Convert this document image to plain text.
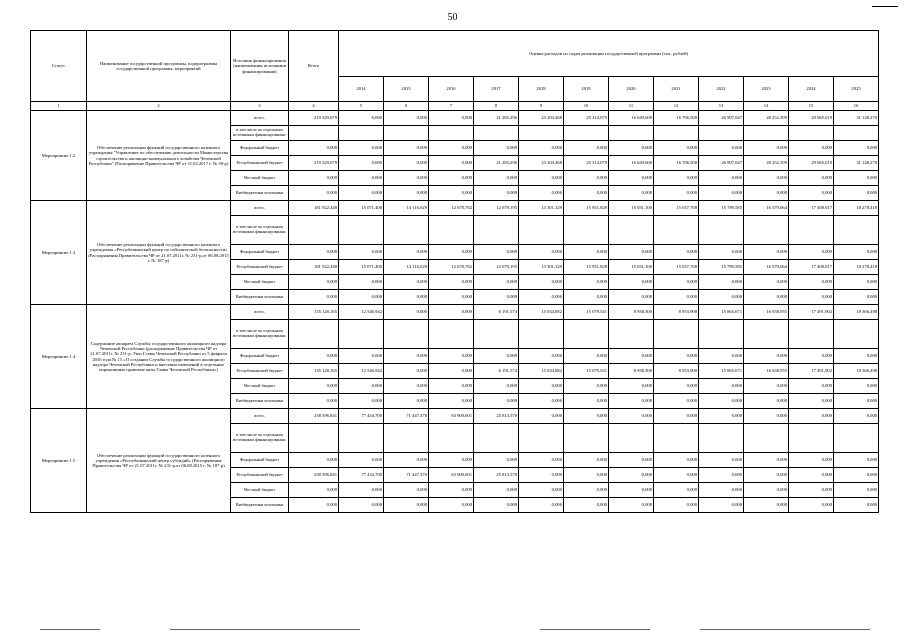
50
Статус	Наименование государственной программы, подпрограммы государственной программы, мероприятий	Источник финансирования (наименования источников финансирования)	Всего	Оценка расходов по годам реализации государственной программы (тыс. рублей)											
				2014	2015	2016	2017	2018	2019	2020	2021	2022	2023	2024	2025
1	2	3	4	5	6	7	8	9	10	11	12	13	14	15	16
Мероприятие 1.2	Обеспечение реализации функций государственного казенного учреждения "Управление по обеспечению деятельности Министерства строительства и жилищно-коммунального хозяйства Чеченской Республики" (Распоряжение Правительства ЧР от 31.02.2017 г. № 39-р)	всего,	219 329,679	0,000	0,000	0,000	21 283,296	23 203,468	25 314,079	16 649,600	16 706,500	26 907,047	28 252,399	29 665,019	31 148,270
		в том числе по отдельным источникам финансирования:													
		Федеральный бюджет	0,000	0,000	0,000	0,000	0,000	0,000	0,000	0,000	0,000	0,000	0,000	0,000	0,000
		Республиканский бюджет	219 329,679	0,000	0,000	0,000	21 283,296	23 203,468	25 314,079	16 649,600	16 706,500	26 907,047	28 252,399	29 665,019	31 148,270
		Местный бюджет	0,000	0,000	0,000	0,000	0,000	0,000	0,000	0,000	0,000	0,000	0,000	0,000	0,000
		Внебюджетные источники	0,000	0,000	0,000	0,000	0,000	0,000	0,000	0,000	0,000	0,000	0,000	0,000	0,000
Мероприятие 1.3	Обеспечение реализации функций государственного казенного учреждения «Республиканский центр по сейсмической безопасности» (Распоряжения Правительства ЧР от 21.07.2011г. № 231-р,от 06.08.2015 г. № 187-р)	всего,	181 922,448	15 071,400	14 116,029	12 678,782	12 679,195	13 301,329	15 951,828	15 031,100	15 037,700	15 789,585	16 579,064	17 408,017	18 278,418
		в том числе по отдельным источникам финансирования:													
		Федеральный бюджет	0,000	0,000	0,000	0,000	0,000	0,000	0,000	0,000	0,000	0,000	0,000	0,000	0,000
		Республиканский бюджет	181 922,448	15 071,400	14 116,029	12 678,782	12 679,195	13 301,329	15 951,828	15 031,100	15 037,700	15 789,585	16 579,064	17 408,017	18 278,418
		Местный бюджет	0,000	0,000	0,000	0,000	0,000	0,000	0,000	0,000	0,000	0,000	0,000	0,000	0,000
		Внебюджетные источники	0,000	0,000	0,000	0,000	0,000	0,000	0,000	0,000	0,000	0,000	0,000	0,000	0,000
Мероприятие 1.4	Содержание аппарата Службы государственного жилищного надзора Чеченской Республики (распоряжение Правительства ЧР от 21.07.2011г. № 231-р, Указ Главы Чеченской Республики от 5 февраля 2016 года № 15 «О создании Службы государственного жилищного надзора Чеченской Республики и внесении изменений в отдельные нормативные правовые акты Главы Чеченской Республики»)	всего,	135 128,165	12 546,942	0,000	0,000	6 191,574	15 034,882	15 079,541	8 938,300	8 953,900	15 865,671	16 658,955	17 491,902	18 366,498
		в том числе по отдельным источникам финансирования:													
		Федеральный бюджет	0,000	0,000	0,000	0,000	0,000	0,000	0,000	0,000	0,000	0,000	0,000	0,000	0,000
		Республиканский бюджет	135 128,165	12 546,942	0,000	0,000	6 191,574	15 034,882	15 079,541	8 938,300	8 953,900	15 865,671	16 658,955	17 491,902	18 366,498
		Местный бюджет	0,000	0,000	0,000	0,000	0,000	0,000	0,000	0,000	0,000	0,000	0,000	0,000	0,000
		Внебюджетные источники	0,000	0,000	0,000	0,000	0,000	0,000	0,000	0,000	0,000	0,000	0,000	0,000	0,000
Мероприятие 1.5	Обеспечение реализации функций государственного казенного учреждения «Республиканский центр субсидий» (Распоряжения Правительства ЧР от 21.07.2011г. № 231-р,от 06.08.2015 г. № 187-р)	всего,	238 596,841	77 434,700	71 447,370	63 900,601	25 813,570	0,000	0,000	0,000	0,000	0,000	0,000	0,000	0,000
		в том числе по отдельным источникам финансирования:													
		Федеральный бюджет	0,000	0,000	0,000	0,000	0,000	0,000	0,000	0,000	0,000	0,000	0,000	0,000	0,000
		Республиканский бюджет	238 596,841	77 434,700	71 447,370	63 900,601	25 813,570	0,000	0,000	0,000	0,000	0,000	0,000	0,000	0,000
		Местный бюджет	0,000	0,000	0,000	0,000	0,000	0,000	0,000	0,000	0,000	0,000	0,000	0,000	0,000
		Внебюджетные источники	0,000	0,000	0,000	0,000	0,000	0,000	0,000	0,000	0,000	0,000	0,000	0,000	0,000
